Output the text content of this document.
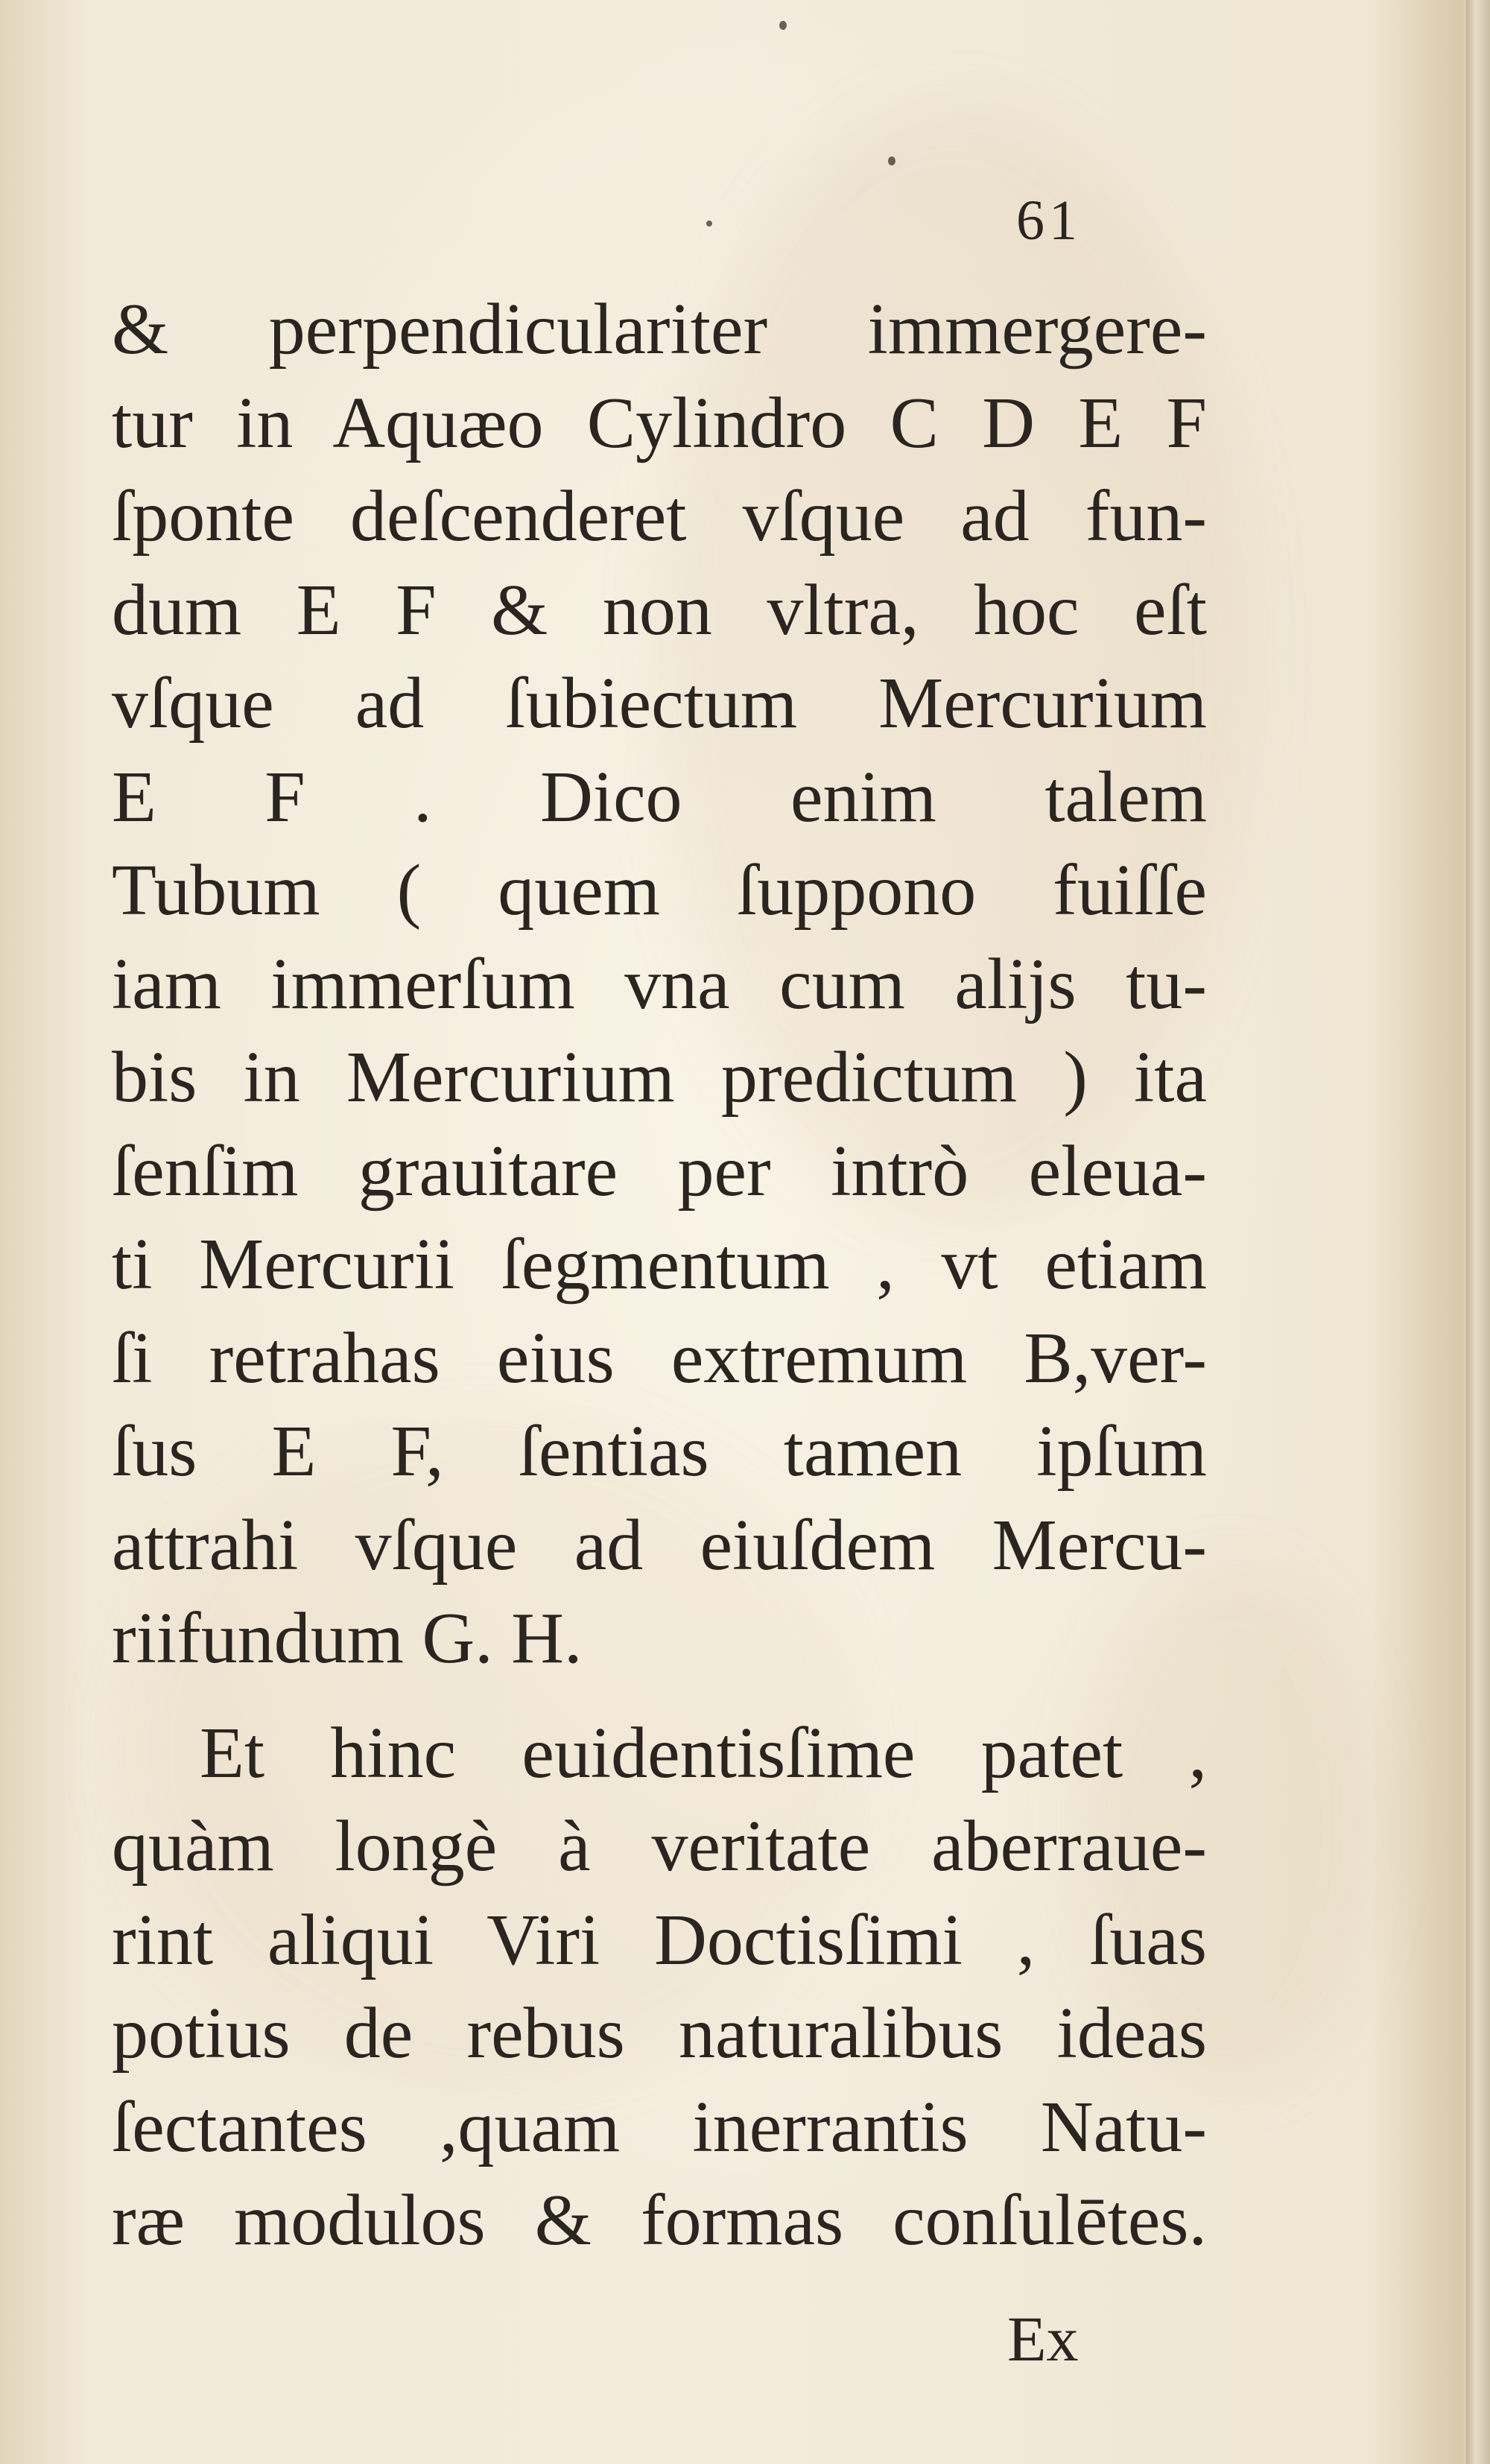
61
& perpendiculariter immergere-
tur in Aquæo Cylindro C D E F
ſponte deſcenderet vſque ad fun-
dum E F & non vltra, hoc eſt
vſque ad ſubiectum Mercurium
E F . Dico enim talem
Tubum ( quem ſuppono fuiſſe
iam immerſum vna cum alijs tu-
bis in Mercurium predictum ) ita
ſenſim grauitare per intrò eleua-
ti Mercurii ſegmentum , vt etiam
ſi retrahas eius extremum B,ver-
ſus E F, ſentias tamen ipſum
attrahi vſque ad eiuſdem Mercu-
riifundum G. H.
Et hinc euidentisſime patet ,
quàm longè à veritate aberraue-
rint aliqui Viri Doctisſimi , ſuas
potius de rebus naturalibus ideas
ſectantes ,quam inerrantis Natu-
ræ modulos & formas conſulētes.
Ex
